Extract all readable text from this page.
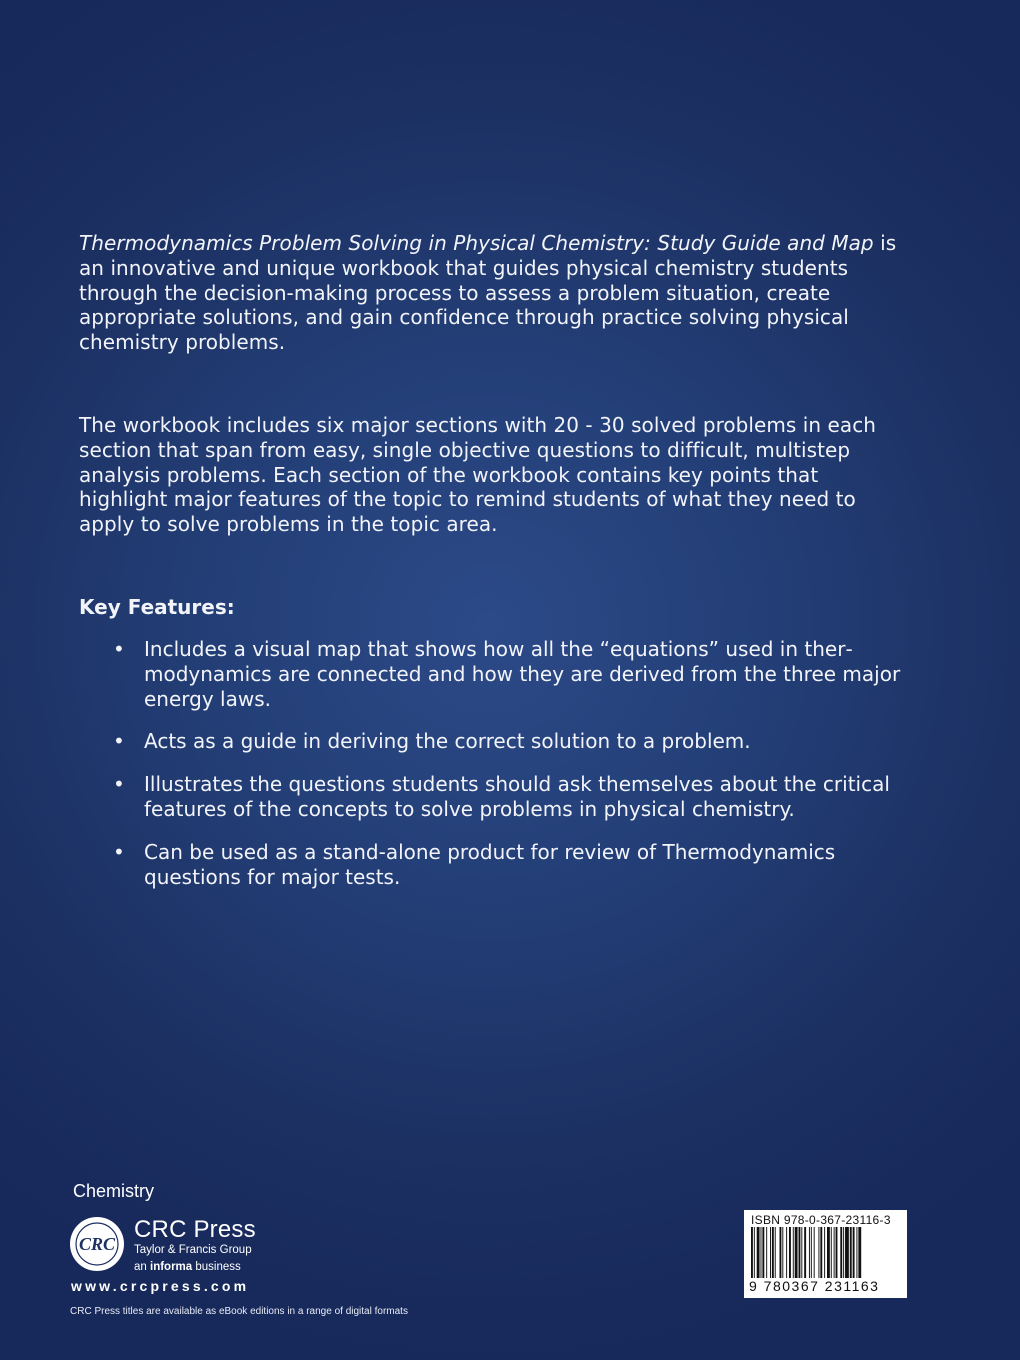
Thermodynamics Problem Solving in Physical Chemistry: Study Guide and Map is an innovative and unique workbook that guides physical chemistry students through the decision-making process to assess a problem situation, create appropriate solutions, and gain confidence through practice solving physical chemistry problems.

The workbook includes six major sections with 20 - 30 solved problems in each section that span from easy, single objective questions to difficult, multistep analysis problems. Each section of the workbook contains key points that highlight major features of the topic to remind students of what they need to apply to solve problems in the topic area.

Key Features:

• Includes a visual map that shows how all the “equations” used in thermodynamics are connected and how they are derived from the three major energy laws.
• Acts as a guide in deriving the correct solution to a problem.
• Illustrates the questions students should ask themselves about the critical features of the concepts to solve problems in physical chemistry.
• Can be used as a stand-alone product for review of Thermodynamics questions for major tests.
Chemistry
CRC
CRC Press
Taylor & Francis Group
an informa business
www.crcpress.com
CRC Press titles are available as eBook editions in a range of digital formats
ISBN 978-0-367-23116-3
9 780367 231163
